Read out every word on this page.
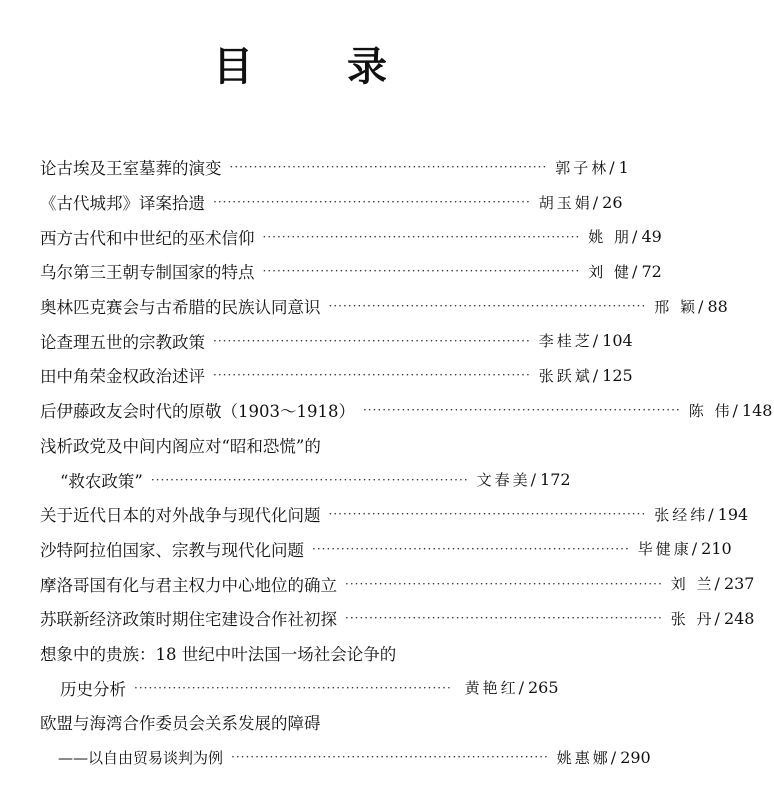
目 录
论古埃及王室墓葬的演变 ·································································· 郭子林 / 1
《古代城邦》译案拾遗 ·································································· 胡玉娟 / 26
西方古代和中世纪的巫术信仰 ·································································· 姚 朋 / 49
乌尔第三王朝专制国家的特点 ·································································· 刘 健 / 72
奥林匹克赛会与古希腊的民族认同意识 ·································································· 邢 颖 / 88
论查理五世的宗教政策 ·································································· 李桂芝 / 104
田中角荣金权政治述评 ·································································· 张跃斌 / 125
后伊藤政友会时代的原敬（1903～1918） ·································································· 陈 伟 / 148
浅析政党及中间内阁应对“昭和恐慌”的
“救农政策” ·································································· 文春美 / 172
关于近代日本的对外战争与现代化问题 ·································································· 张经纬 / 194
沙特阿拉伯国家、宗教与现代化问题 ·································································· 毕健康 / 210
摩洛哥国有化与君主权力中心地位的确立 ·································································· 刘 兰 / 237
苏联新经济政策时期住宅建设合作社初探 ·································································· 张 丹 / 248
想象中的贵族：18 世纪中叶法国一场社会论争的
历史分析 ·································································· 黄艳红 / 265
欧盟与海湾合作委员会关系发展的障碍
——以自由贸易谈判为例 ·································································· 姚惠娜 / 290
